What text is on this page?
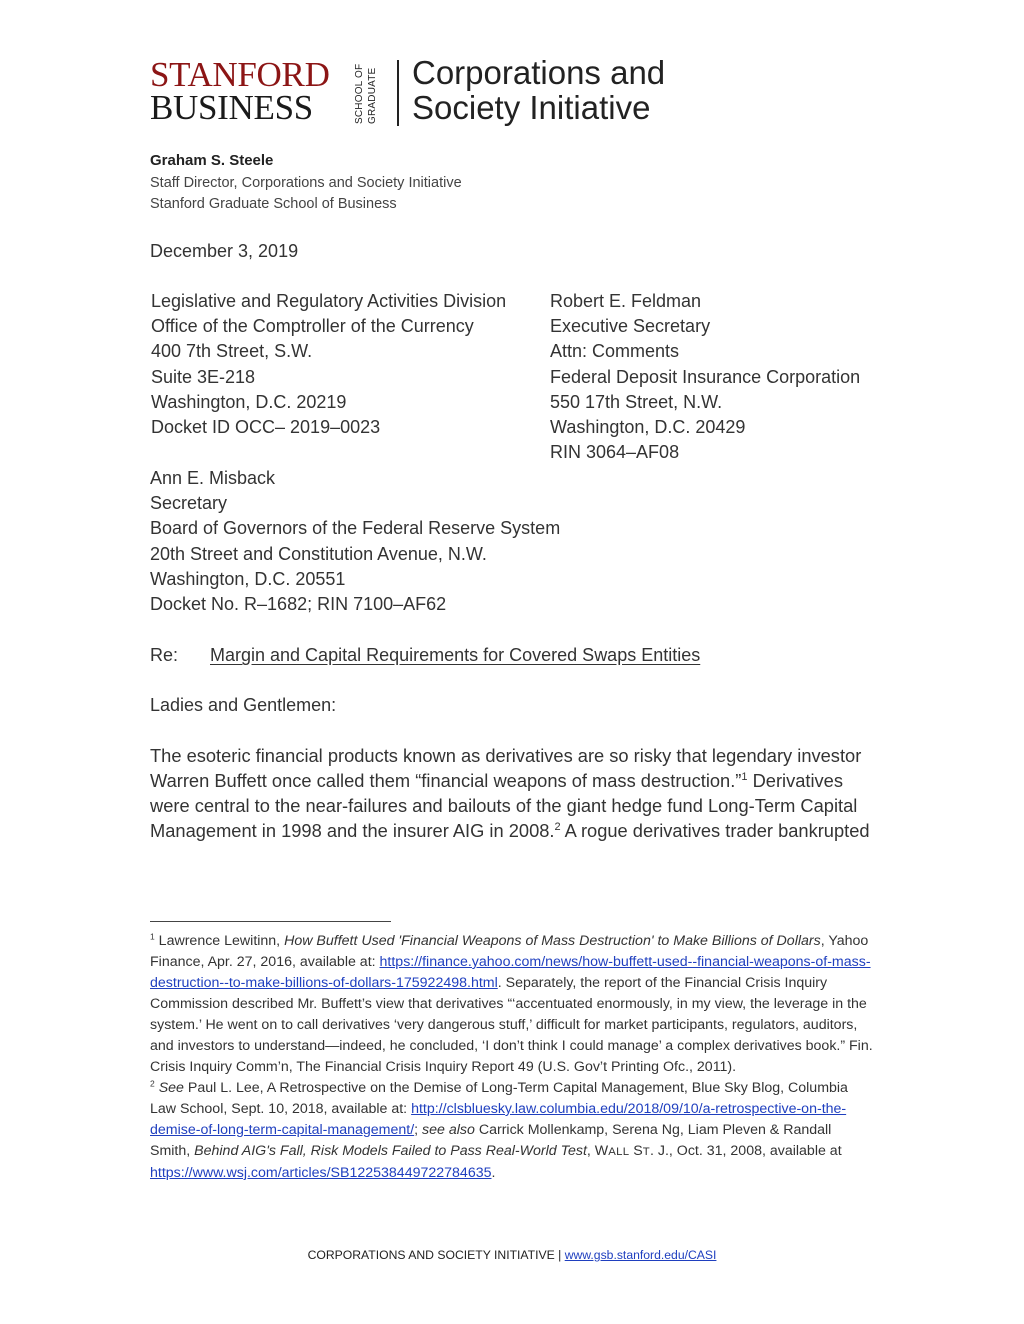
STANFORD
BUSINESS	GRADUATE
SCHOOL OF Corporations and
Society Initiative
Graham S. Steele
Staff Director, Corporations and Society Initiative
Stanford Graduate School of Business
December 3, 2019
Legislative and Regulatory Activities Division
Office of the Comptroller of the Currency
400 7th Street, S.W.
Suite 3E-218
Washington, D.C. 20219
Docket ID OCC– 2019–0023
Robert E. Feldman
Executive Secretary
Attn: Comments
Federal Deposit Insurance Corporation
550 17th Street, N.W.
Washington, D.C. 20429
RIN 3064–AF08
Ann E. Misback
Secretary
Board of Governors of the Federal Reserve System
20th Street and Constitution Avenue, N.W.
Washington, D.C. 20551
Docket No. R–1682; RIN 7100–AF62
Re: Margin and Capital Requirements for Covered Swaps Entities
Ladies and Gentlemen:
The esoteric financial products known as derivatives are so risky that legendary investor Warren Buffett once called them “financial weapons of mass destruction.”$^1$ Derivatives were central to the near-failures and bailouts of the giant hedge fund Long-Term Capital Management in 1998 and the insurer AIG in 2008.$^2$ A rogue derivatives trader bankrupted

$^1$ Lawrence Lewitinn, How Buffett Used 'Financial Weapons of Mass Destruction' to Make Billions of Dollars, Yahoo Finance, Apr. 27, 2016, available at: https://finance.yahoo.com/news/how-buffett-used--financial-weapons-of-mass-destruction--to-make-billions-of-dollars-175922498.html. Separately, the report of the Financial Crisis Inquiry Commission described Mr. Buffett’s view that derivatives “‘accentuated enormously, in my view, the leverage in the system.’ He went on to call derivatives ‘very dangerous stuff,’ difficult for market participants, regulators, auditors, and investors to understand—indeed, he concluded, ‘I don’t think I could manage’ a complex derivatives book.” Fin. Crisis Inquiry Comm’n, The Financial Crisis Inquiry Report 49 (U.S. Gov’t Printing Ofc., 2011).

$^2$ See Paul L. Lee, A Retrospective on the Demise of Long-Term Capital Management, Blue Sky Blog, Columbia Law School, Sept. 10, 2018, available at: http://clsbluesky.law.columbia.edu/2018/09/10/a-retrospective-on-the-demise-of-long-term-capital-management/; see also Carrick Mollenkamp, Serena Ng, Liam Pleven & Randall Smith, Behind AIG's Fall, Risk Models Failed to Pass Real-World Test, WALL ST. J., Oct. 31, 2008, available at https://www.wsj.com/articles/SB122538449722784635.

CORPORATIONS AND SOCIETY INITIATIVE | www.gsb.stanford.edu/CASI
